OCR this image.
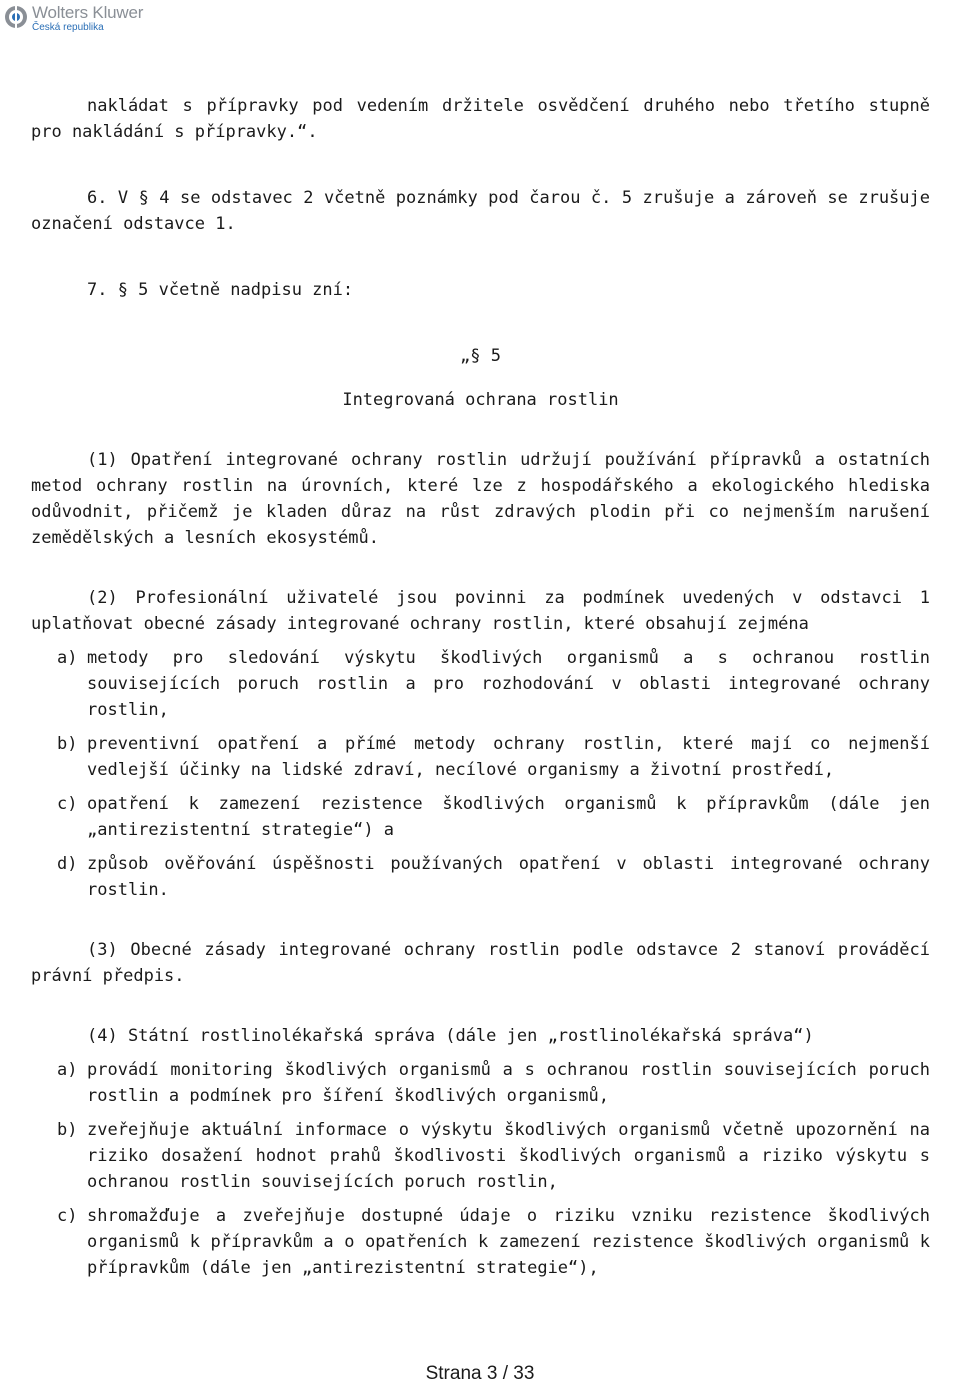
Wolters Kluwer
Česká republika

nakládat s přípravky pod vedením držitele osvědčení druhého nebo třetího stupně pro nakládání s přípravky.“.

6. V § 4 se odstavec 2 včetně poznámky pod čarou č. 5 zrušuje a zároveň se zrušuje označení odstavce 1.

7. § 5 včetně nadpisu zní:

„§ 5

Integrovaná ochrana rostlin

(1) Opatření integrované ochrany rostlin udržují používání přípravků a ostatních metod ochrany rostlin na úrovních, které lze z hospodářského a ekologického hlediska odůvodnit, přičemž je kladen důraz na růst zdravých plodin při co nejmenším narušení zemědělských a lesních ekosystémů.

(2) Profesionální uživatelé jsou povinni za podmínek uvedených v odstavci 1 uplatňovat obecné zásady integrované ochrany rostlin, které obsahují zejména

a) metody pro sledování výskytu škodlivých organismů a s ochranou rostlin souvisejících poruch rostlin a pro rozhodování v oblasti integrované ochrany rostlin,
b) preventivní opatření a přímé metody ochrany rostlin, které mají co nejmenší vedlejší účinky na lidské zdraví, necílové organismy a životní prostředí,
c) opatření k zamezení rezistence škodlivých organismů k přípravkům (dále jen „antirezistentní strategie“) a
d) způsob ověřování úspěšnosti používaných opatření v oblasti integrované ochrany rostlin.

(3) Obecné zásady integrované ochrany rostlin podle odstavce 2 stanoví prováděcí právní předpis.

(4) Státní rostlinolékařská správa (dále jen „rostlinolékařská správa“)

a) provádí monitoring škodlivých organismů a s ochranou rostlin souvisejících poruch rostlin a podmínek pro šíření škodlivých organismů,
b) zveřejňuje aktuální informace o výskytu škodlivých organismů včetně upozornění na riziko dosažení hodnot prahů škodlivosti škodlivých organismů a riziko výskytu s ochranou rostlin souvisejících poruch rostlin,
c) shromažďuje a zveřejňuje dostupné údaje o riziku vzniku rezistence škodlivých organismů k přípravkům a o opatřeních k zamezení rezistence škodlivých organismů k přípravkům (dále jen „antirezistentní strategie“),
Strana 3 / 33
